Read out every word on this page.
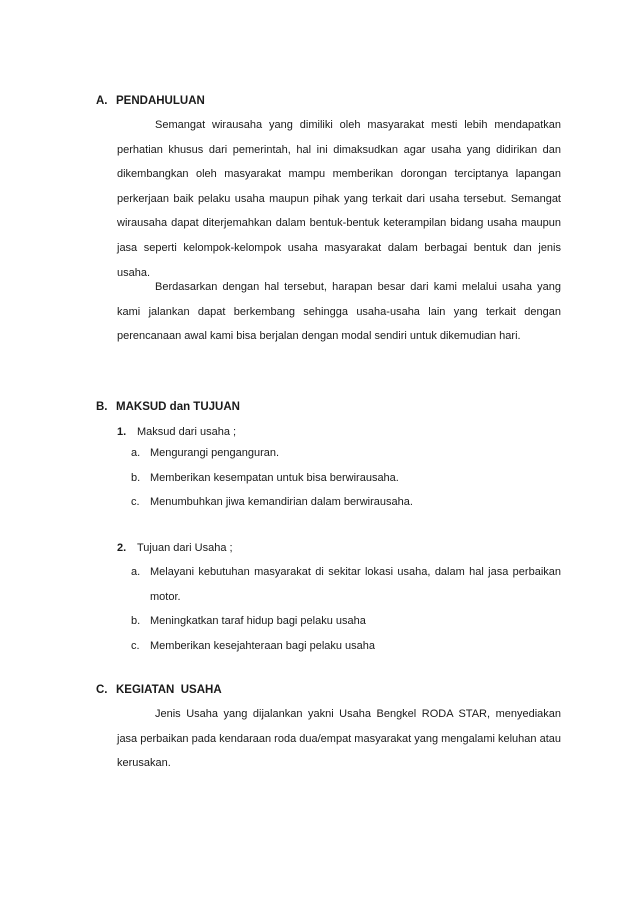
A. PENDAHULUAN

Semangat wirausaha yang dimiliki oleh masyarakat mesti lebih mendapatkan perhatian khusus dari pemerintah, hal ini dimaksudkan agar usaha yang didirikan dan dikembangkan oleh masyarakat mampu memberikan dorongan terciptanya lapangan perkerjaan baik pelaku usaha maupun pihak yang terkait dari usaha tersebut. Semangat wirausaha dapat diterjemahkan dalam bentuk-bentuk keterampilan bidang usaha maupun jasa seperti kelompok-kelompok usaha masyarakat dalam berbagai bentuk dan jenis usaha.

Berdasarkan dengan hal tersebut, harapan besar dari kami melalui usaha yang kami jalankan dapat berkembang sehingga usaha-usaha lain yang terkait dengan perencanaan awal kami bisa berjalan dengan modal sendiri untuk dikemudian hari.

B. MAKSUD dan TUJUAN
1. Maksud dari usaha ;
a. Mengurangi penganguran.
b. Memberikan kesempatan untuk bisa berwirausaha.
c. Menumbuhkan jiwa kemandirian dalam berwirausaha.
2. Tujuan dari Usaha ;
a. Melayani kebutuhan masyarakat di sekitar lokasi usaha, dalam hal jasa perbaikan motor.
b. Meningkatkan taraf hidup bagi pelaku usaha
c. Memberikan kesejahteraan bagi pelaku usaha
C. KEGIATAN  USAHA

Jenis Usaha yang dijalankan yakni Usaha Bengkel RODA STAR, menyediakan jasa perbaikan pada kendaraan roda dua/empat masyarakat yang mengalami keluhan atau kerusakan.
